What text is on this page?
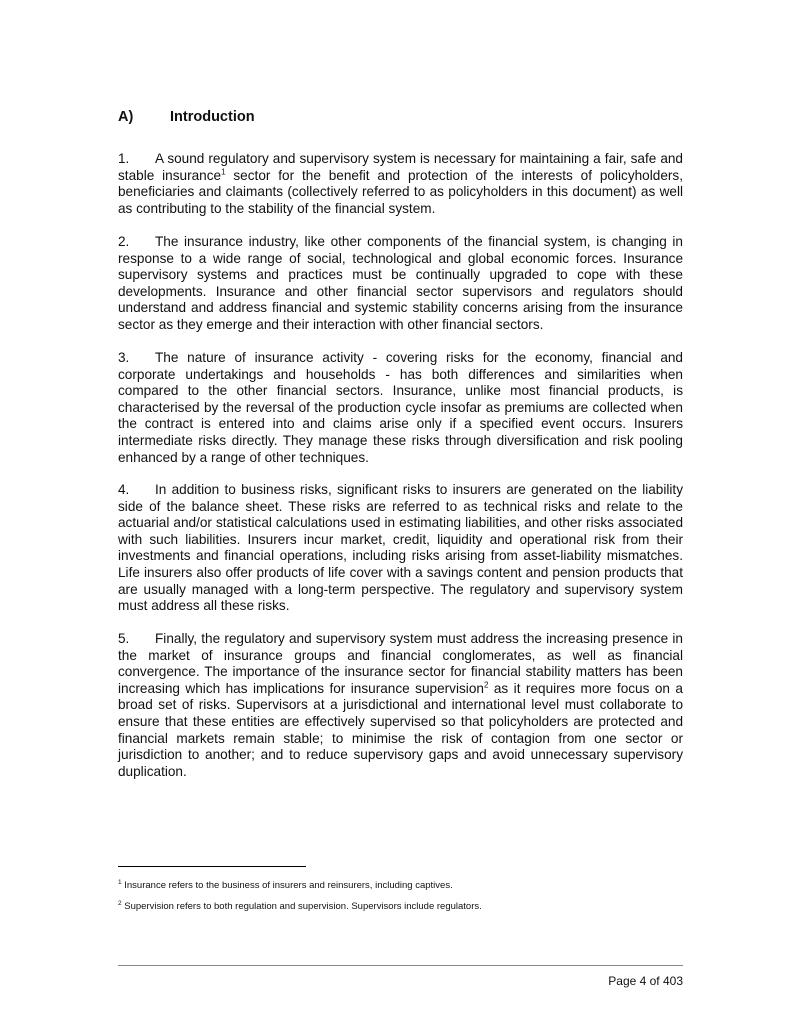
A)	Introduction

1. A sound regulatory and supervisory system is necessary for maintaining a fair, safe and stable insurance$^1$ sector for the benefit and protection of the interests of policyholders, beneficiaries and claimants (collectively referred to as policyholders in this document) as well as contributing to the stability of the financial system.

2. The insurance industry, like other components of the financial system, is changing in response to a wide range of social, technological and global economic forces. Insurance supervisory systems and practices must be continually upgraded to cope with these developments. Insurance and other financial sector supervisors and regulators should understand and address financial and systemic stability concerns arising from the insurance sector as they emerge and their interaction with other financial sectors.

3. The nature of insurance activity - covering risks for the economy, financial and corporate undertakings and households - has both differences and similarities when compared to the other financial sectors. Insurance, unlike most financial products, is characterised by the reversal of the production cycle insofar as premiums are collected when the contract is entered into and claims arise only if a specified event occurs. Insurers intermediate risks directly. They manage these risks through diversification and risk pooling enhanced by a range of other techniques.

4. In addition to business risks, significant risks to insurers are generated on the liability side of the balance sheet. These risks are referred to as technical risks and relate to the actuarial and/or statistical calculations used in estimating liabilities, and other risks associated with such liabilities. Insurers incur market, credit, liquidity and operational risk from their investments and financial operations, including risks arising from asset-liability mismatches. Life insurers also offer products of life cover with a savings content and pension products that are usually managed with a long-term perspective. The regulatory and supervisory system must address all these risks.

5. Finally, the regulatory and supervisory system must address the increasing presence in the market of insurance groups and financial conglomerates, as well as financial convergence. The importance of the insurance sector for financial stability matters has been increasing which has implications for insurance supervision$^2$ as it requires more focus on a broad set of risks. Supervisors at a jurisdictional and international level must collaborate to ensure that these entities are effectively supervised so that policyholders are protected and financial markets remain stable; to minimise the risk of contagion from one sector or jurisdiction to another; and to reduce supervisory gaps and avoid unnecessary supervisory duplication.

$^1$ Insurance refers to the business of insurers and reinsurers, including captives.
$^2$ Supervision refers to both regulation and supervision. Supervisors include regulators.
Page 4 of 403
